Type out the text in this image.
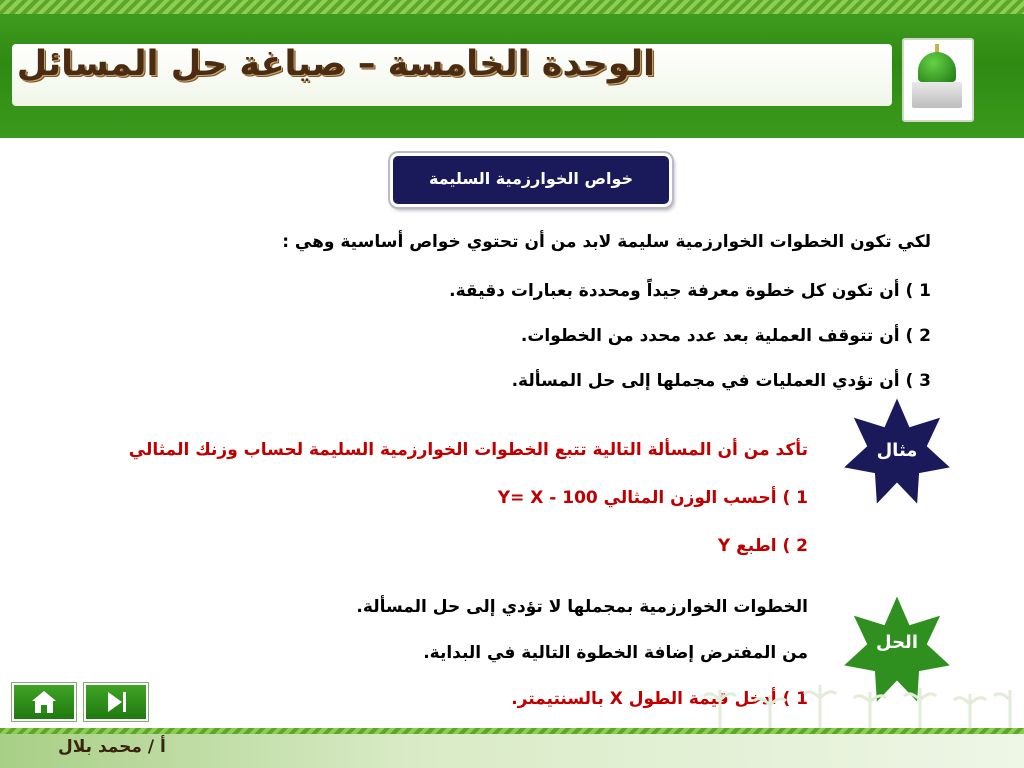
الوحدة الخامسة – صياغة حل المسائل
خواص الخوارزمية السليمة
لكي تكون الخطوات الخوارزمية سليمة لابد من أن تحتوي خواص أساسية وهي :
1 ) أن تكون كل خطوة معرفة جيداً ومحددة بعبارات دقيقة.
2 ) أن تتوقف العملية بعد عدد محدد من الخطوات.
3 ) أن تؤدي العمليات في مجملها إلى حل المسألة.
مثال
تأكد من أن المسألة التالية تتبع الخطوات الخوارزمية السليمة لحساب وزنك المثالي
1 ) أحسب الوزن المثالي Y= X - 100
2 ) اطبع Y
الحل
الخطوات الخوارزمية بمجملها لا تؤدي إلى حل المسألة.
من المفترض إضافة الخطوة التالية في البداية.
1 ) أدخل قيمة الطول X بالسنتيمتر.
أ / محمد بلال
